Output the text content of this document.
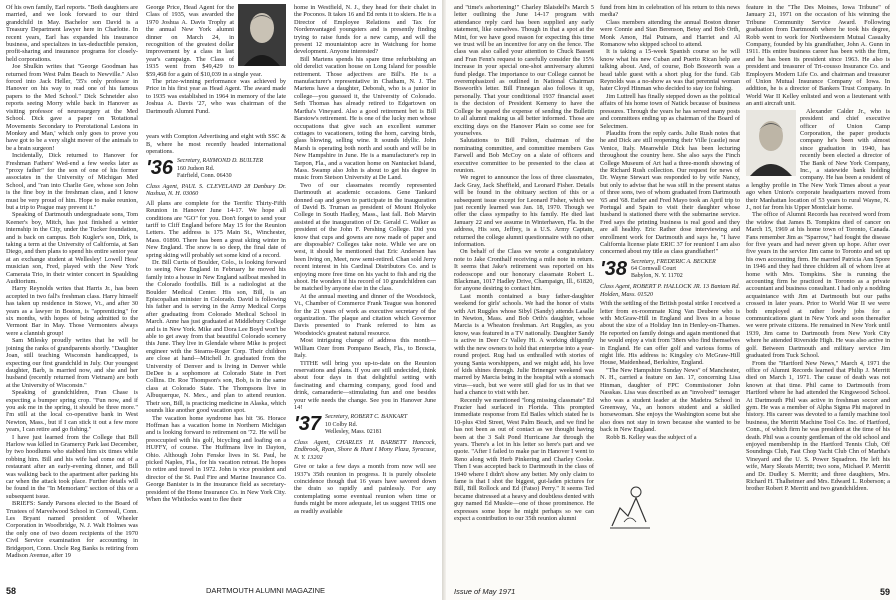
Of his own family, Earl reports. "Both daughters are married, and we look forward to our third grandchild in May. Bachelor son David is a Treasury Department lawyer here in Charlotte. In recent years, Earl has expanded his insurance business, and specializes in tax-deductible pension, profit-sharing and insurance programs for closely-held corporations.

Joe Shulkin writes that "George Goodman has returned from West Palm Beach to Newville." Also forced into Jack Heller, '35's only professor in Hanover on his way to read one of his famous papers to the Med School." Dick Schneider also reports seeing Morry while back in Hanover as visiting professor of neurosurgery at the Med School. Dick gave a paper on 'Rotational Movements Secondary to Prerotational Lesions in Monkey and Man,' which only goes to prove you have got to be a very slight mover of the animals to be a brain surgeon!

Incidentally, Dick returned to Hanover for Freshman Fathers' Wed-end a few weeks later as "proxy father" for the son of one of his former associates in the University of Michigan Med School, and "ran into Charlie Gee, whose son John is the fine boy in the freshman class, and I know must be very proud of him. Hope to make reunion, but a trip to Prague may prevent it."

Speaking of Dartmouth undergraduate sons, Tom Keener's boy, Mitch, has just finished a winter internship in the City, under the Tucker foundation, and is back on campus. Bob Kugler's son, Dirk, is taking a term at the University of California, at San Diego, and then plans to spend his entire senior year at an exchange student at Wellesley! Lowell Hess' musician son, Fred, played with the New York Camerata Trio, in their winter concert in Spaulding Auditorium.

Harry Reynolds writes that Harris Jr., has been accepted in two fall's freshman class. Harry himself has taken up residence in Stowe, Vt., and after 30 years as a lawyer in Boston, is "apprenticing" for six months, with hopes of being admitted to the Vermont Bar in May. Those Vermonters always were a clannish group!

Sam Milesky proudly writes that he will be joining the ranks of grandparents shortly. "Daughter Joan, still teaching Wisconsin handicapped, is expecting our first grandchild in July. Our youngest daughter, Barb, is married now, and she and her husband (recently returned from Vietnam) are both at the University of Wisconsin."

Speaking of grandchildren, Fran Chase is expecting a bumper spring crop. "Fun now, and if you ask me in the spring, it should be three more." I'm still at the local co-operative bank in West Newton, Mass., but if I can stick it out a few more years, I can retire and go fishing."

I have just learned from the College that Bill Harlow was killed in Gramercy Park last December, by two hoodlums who stabbed him six times while robbing him. Bill and his wife had come out of a restaurant after an early-evening dinner, and Bill was walking back to the apartment after parking his car when the attack took place. Further details will be found in the "In Memoriam" section of this or a subsequent issue.

BRIEFS: Sandy Parsons elected to the Board of Trustees of Marvelwood School in Cornwall, Conn. Les Bryant named president of Wheeler Corporation in Woodbridge, N. J. Walt Holmes was the only one of two dozen recipients of the 1970 Civil Service examination for accounting in Bridgeport, Conn. Uncle Reg Banks is retiring from Madison Avenue, after 19

George Price, Head Agent for the Class of 1935, was awarded the 1970 Joshua A. Davis Trophy at the annual New York alumni dinner on March 24, in recognition of the greatest dollar improvement by a class in last year's campaign. The Class of 1935 went from $49,429 to $59,468 for a gain of $10,039 in a single year.

The prize-winning performance was achieved by Price in his first year as Head Agent. The award made to 1935 was established in 1964 in memory of the late Joshua A. Davis '27, who was chairman of the Dartmouth Alumni Fund.

years with Compton Advertising and eight with SSC & B, where he most recently headed international operations.

'36 Secretary, RAYMOND D. BUILTER
160 Judson Rd.
Fairfield, Conn. 06430
Class Agent, PAUL S. CLEVELAND 28 Danbury Dr. Nashua, N. H. 03060

All plans are complete for the Terrific Thirty-Fifth Reunion in Hanover June 14-17. We hope all conditions are "GO" for you. Don't forget to send your tariff to Cliff England before May 15 for the Reunion Letters. The address is 175 Main St., Winchester, Mass. 01890. There has been a great skiing winter in New England. The snow is so deep, the final date of spring skiing will probably set some kind of a record.

Dr. Bill Curtis of Boulder, Colo., is looking forward to seeing New England in February he moved his family into a house in New England sailboat meshed in the Colorado foothills. Bill is a radiologist at the Boulder Medical Center. His son, Bill, is an Episcopalian minister in Colorado. David is following his father and is serving in the Army Medical Corps after graduating from Colorado Medical School in March. Anne has just graduated at Middlebury College and is in New York. Mike and Dora Lee Boyd won't be able to get away from that beautiful Colorado scenery this June. They live in Glendale where Mike is project engineer with the Stearns-Roger Corp. Their children are close at hand—Mitchell Jr. graduated from the University of Denver and is living in Denver while DeDee is a sophomore at Colorado State in Fort Collins. Dr. Roe Thompson's son, Bob, is in the same class at Colorado State. The Thompsons live in Albuquerque, N. Mex., and plan to attend reunion. Their son, Bill, is practicing medicine in Alaska, which sounds like another good vacation spot.

The vacation home syndrome has hit '36. Horace Hoffman has a vacation home in Northern Michigan and is looking forward to retirement on '72. He will be preoccupied with his golf, bicycling and loafing on a HUFFY, of course. The Huffmans live in Dayton, Ohio. Although John Fenske lives in St. Paul, he picked Naples, Fla., for his vacation retreat. He hopes to retire and travel in 1972. John is vice president and director of the St. Paul Fire and Marine Insurance Co. George Banister is in the insurance field as secretary-president of the Home Insurance Co. in New York City. When the Whitlocks want to flee their

home in Westfield, N. J., they head for their chalet in the Poconos. It takes 16 and Ed rents it to skiers. He is a Director of Employee Relations and Tax for Nordenvantaged youngsters and is presently finding trying to raise funds for a new camp, and will the present 12 mountaintop acre in Watchung for home development. Anyone interested?

Bill Martens spends his spare time refurbishing an old derelict vacation house on Long Island for possible retirement. Those adjectives are Bill's. He is a manufacturer's representative in Chatham, N. J. The Martens have a daughter, Deborah, who is a junior in college—you guessed it, the University of Colorado. Seth Thomas has already retired to Edgartown on Martha's Vineyard. Also a good retirement bet is Bill Barstow's retirement. He is one of the lucky men whose occupations that give such an excellent summer cottages to vacationers, toting the horn, carving birds, glass blowing, selling wine. It sounds idyllic. John Marsh is operating both north and south and will be in New Hampshire in June. He is a manufacturer's rep in Tarpon, Fla., and a vacation home on Nantucket Island, Mass. Swamp also John is about to get his degree in music from Stetson University at De Land.

Two of our classmates recently represented Dartmouth at academic occasions. Gene Tankard donned cap and gown to participate in the inauguration of David B. Truman as president of Mount Holyoke College in South Hadley, Mass., last fall. Bob Marvin assisted at the inauguration of Dr. Gerald C. Walker as president of the John F. Pershing College. Did you know that cups and gowns are now made of paper and are disposable? Colleges take note. While we are on west, it should be mentioned that Eric Andersen has been living on, Meet, now semi-retired. Chan sold Jerry recent interest in his Cardinal Distributors Co. and is enjoying more free time on his yacht to fish and rig the shoot. He wonders if his record of 10 grandchildren can be matched by anyone else in the class.

At the annual meeting and dinner of the Woodstock, Vt., Chamber of Commerce Frank Teague was honored for the 21 years of work as executive secretary of the organization. The plaque and citation which Governor Davis presented to Frank referred to him as Woodstock's greatest natural resource.

Most intriguing change of address this month—William Ozer from Pompano Beach, Fla., to Brescia, Italy.

TITHE will bring you up-to-date on the Reunion reservations and plans. If you are still undecided, think about four days in that delightful setting with fascinating and charming company, good food and drink, camaraderie—stimulating fun and one besides your wife needs the change. See you in Hanover June 14!

'37 Secretary, ROBERT C. BANKART
10 Colby Rd.
Wellesley, Mass. 02181
Class Agent, CHARLES H. BARBETT Hancock, Endbrook, Ryan, Shore & Hunt I Mony Plaza, Syracuse, N. Y. 13202

Give or take a few days a month from now will see 1937's 35th reunion in progress. It is purely obsolete coincidence though that 16 years have savored down the drain so rapidly and painlessly. For any contemplating some eventual reunion when time or funds might be more adequate, let us suggest THIS one as readily available

58	DARTMOUTH ALUMNI MAGAZINE

and "time's ashortening!" Charley Blaisdell's March 5 letter outlining the June 14-17 program with attendance reply card has been supplied any early statement, like ourselves. Though in that a spot at the Mint, for we have good reason for expecting this time we trust will be an incentive for any on the fence. The class was also called your attention to Chuck Bassett and Fran Fenn's request to carefully consider the 15% increase in your special one-shot anniversary alumni fund pledge. The importance to our College cannot be overemphasized as outlined in National Chairman Bosworth's letter. Bill Finnegan also follows it up, personally. That your conditional 1937 financial asset is the decision of President Kemeny to have the College be spared the expense of sending the Bulletin to all alumni making us all better informed. Those are exciting days on the Hanover Plain so come see for yourselves.

Salutations to Bill Fulton, chairman of the nominating committee, and committee members Gus Farwell and Bob McCoy on a slate of officers and executive committee to be presented to the class at reunion.

We regret to announce the loss of three classmates, Jack Gray, Jack Sheffield, and Leonard Fisher. Details will be found in the obituary section of this or a subsequent issue except for Leonard Fisher, which we just recently learned was Jan. 18, 1970. Though we offer the class sympathy to his family. He died last January 22 and we assume in Winterhaven, Fla. In the address, His son, Jeffrey, is a U.S. Army Captain, returned the college alumni questionnaire with no other information.

On behalf of the Class we wrote a congratulatory note to Jake Cronthalf receiving a mile note in return. It seems that Jake's retirement was reported on his rodeoscope and our honorary classmate Robert L. Blackman, 1017 Hadley Drive, Champaign, Ill., 61820, for anyone desiring to contact him.

Last month contained a busy father-daughter weekend for girls' schools. We had the honor of visits with Art Ruggles whose Sibyl (Sandy) attends Lasalle in Newton, Mass. and Bob Orth's daughter, whose Marcia is a Wheaton freshman. Art Ruggles, as you know, was featured in a TV nationally. Daughter Sandy is active in Deer Cr Valley Hi. A working diligently with the new owners to hold that enterprise into a year-round project. Rug had us enthralled with stories of young Santa worshippers, and we might add, his love of kids shines through. Julie Brinenger weekend was marred by Marcia being in the hospital with a stomach virus—such, but we were still glad for us in that we had a chance to visit with her.

Recently we mentioned "long missing classmate" Ed Frazier had surfaced in Florida. This prompted immediate response from Ed Bailes which stated he is 10-plus 43rd Street, West Palm Beach, and we find he has not been as out of contact as we thought having been at the 3 Salt Pond Hurricane Jar through the years. There's a lot in his letter so here's part and we quote. "After I failed to make par in Hanover I went to Reno along with Herb Pinkering and Charley Cooke. Then I was accepted back to Dartmouth in the class of 1940 where I didn't show any better. My only claim to fame is that I shot the biggest, gut-laden pictures for Bill, Bill Rollock and Ed (Fatso) Perry." It seems Ted became distressed at a heavy and doubtless dented with guy named Ed Muskie—one of those prominence. He expresses some hope he might perhaps so we can expect a contribution to our 35th reunion alumni

fund from him in celebration of his return to this news media?

Class members attending the annual Boston dinner were Connie and Stan Berenson, Betsy and Bob Orth, Monk Amon, Hal Putnam, and Harriet and Al Romanow who skipped school to attend.

It is taking a 15-week Spanish course so he will know what his new Cuban and Puerto Rican help are talking about. And, of course, Bob Bosworth was a head table guest with a short plug for the fund. Gib Reynolds was a no-show as was that perennial woman hater Cloyd Hinman who decided to stay ice fishing.

Jim Luttrell has finally stepped down as the political affairs of his home town of Natick because of business pressures. Through the years he has served many posts and committees ending up as chairman of the Board of Selectmen.

Plaudits from the reply cards. Julie Rush notes that he and Dick are still reopening their Ville (castle) near Venice, Italy. Meanwhile Dick has been lecturing throughout the country here. She also says the Finch College Museum of Art had a three-month showing of the Richard Rush collection. Our request for news of Dr. Wayne Stewart was responded to by wife Nancy, but only to advise that he was still in the present status of three sons, two of whom graduated from Dartmouth '65 and '68. Esther and Fred Mayo took an April trip to Portugal and Spain to visit their daughter whose husband is stationed there with the submarine service. Fred says the printing business is real good and they are all healthy. Eric Rather dose interviewing and enrollment work for Dartmouth and says he, "I have California license plate ERIC 37 for reunion! I am also concerned about my title as class grandfather!"

'38 Secretary, FREDERIC A. BECKER
64 Cornwall Court
Babylon, N. Y. 11702
Class Agent, ROBERT P. HALLOCK JR. 13 Bantam Rd. Holden, Mass. 01520

With the settling of the British postal strike I received a letter from ex-roommate King Van Deubere who is with McGraw-Hill in England and lives in a house about the size of a Holiday Inn in Henley-on-Thames. He reported on family doings and again mentioned that he would enjoy a visit from '38ers who find themselves in England. He can offer golf and various forms of night life. His address is: Kingsley c/o McGraw-Hill House, Maidenhead, Berkshire, England.

"The New Hampshire Sunday News" of Manchester, N. H., carried a feature on Jan. 17, concerning Lisa Hinman, daughter of FPC Commissioner John Nasskas. Lisa was described as an "involved" teenager who was a student leader at the Madeira School in Greenway, Va., an honors student and a skilled horsewoman. She enjoys the Washington scene but she also does not stay in town because she wanted to be back in New England.

Robb B. Kelley was the subject of a

feature in the "The Des Moines, Iowa Tribune" of January 21, 1971 on the occasion of his winning the Tribune Community Service Award. Following graduation from Dartmouth where he took his degree, Robb went to work for Northwestern Mutual Casualty Company, founded by his grandfather, John A. Gunn in 1911. His entire business career has been with the firm, and he has been its president since 1963. He also is president and treasurer of Tri-cousso Insurance Co. and Employers Modern Life Co. and chairman and treasurer of Union Mutual Insurance Company of Iowa. In addition, he is a director of Bankers Trust Company. In World War II Kelley enlisted and won a lieutenant with an anti aircraft unit.

Alexander Calder Jr., who is president and chief executive officer of Union Camp Corporation, the paper products company he's been with almost since graduation in 1940, has recently been elected a director of The Bank of New York Company, Inc., a statewide bank holding company. He has been a resident of a lengthy profile in The New York Times about a year ago when Union's corporate headquarters moved from their Manhattan location of 53 years to rural Wayne, N. J., not far from his Upper Montclair home.

The office of Alumni Records has received word from the widow that James B. Tompkins died of cancer on March 15, 1969 at his home town of Toronto, Canada. Fans remember Jim as "Sparrow," had fought the disease for five years and had never given up hope. After over five years in the service Jim came to Toronto and set up his own accounting firm. He married Patricia Ann Spore in 1946 and they had three children all of whom live at home with Mrs. Tompkins. She is running the accounting firm he practiced in Toronto as a private accountant and business consultant. I had only a nodding acquaintance with Jim at Dartmouth but our paths crossed in later years. Prior to World War II we were both employed at rather lowly jobs for a communications giant in New York and soon thereafter we were private citizens. He remained in New York until 1939, Jim came to Dartmouth from New York City where he attended Riverside High. He was also active in golf. Between Dartmouth and military service Jim graduated from Tuck School.

From the "Hartford New News," March 4, 1971 the office of Alumni Records learned that Philip J. Merritt died on March 1, 1971. The cause of death was not known at that time. Phil came to Dartmouth from Hartford where he had attended the Kingswood School. At Dartmouth Phil was active in freshman soccer and gym. He was a member of Alpha Sigma Phi majored in history. His career was devoted to a family machine tool business, the Merritt Machine Tool Co. Inc. of Hartford, Conn., of which firm he was president at the time of his death. Phil was a county gentleman of the old school and enjoyed membership in the Hartford Tennis Club, Off Soundings Club, Fast Chop Yacht Club Chn of Martha's Vineyard and the U. S. Power Squadron. He left his wife, Mary Skeats Merritt; two sons, Michael P. Merritt and Dr. Dudley S. Merritt; and three daughters, Mrs. Richard H. Thalheimer and Mrs. Edward L. Roberson; a brother Robert P. Merritt and two grandchildren.

Issue of May 1971	59
